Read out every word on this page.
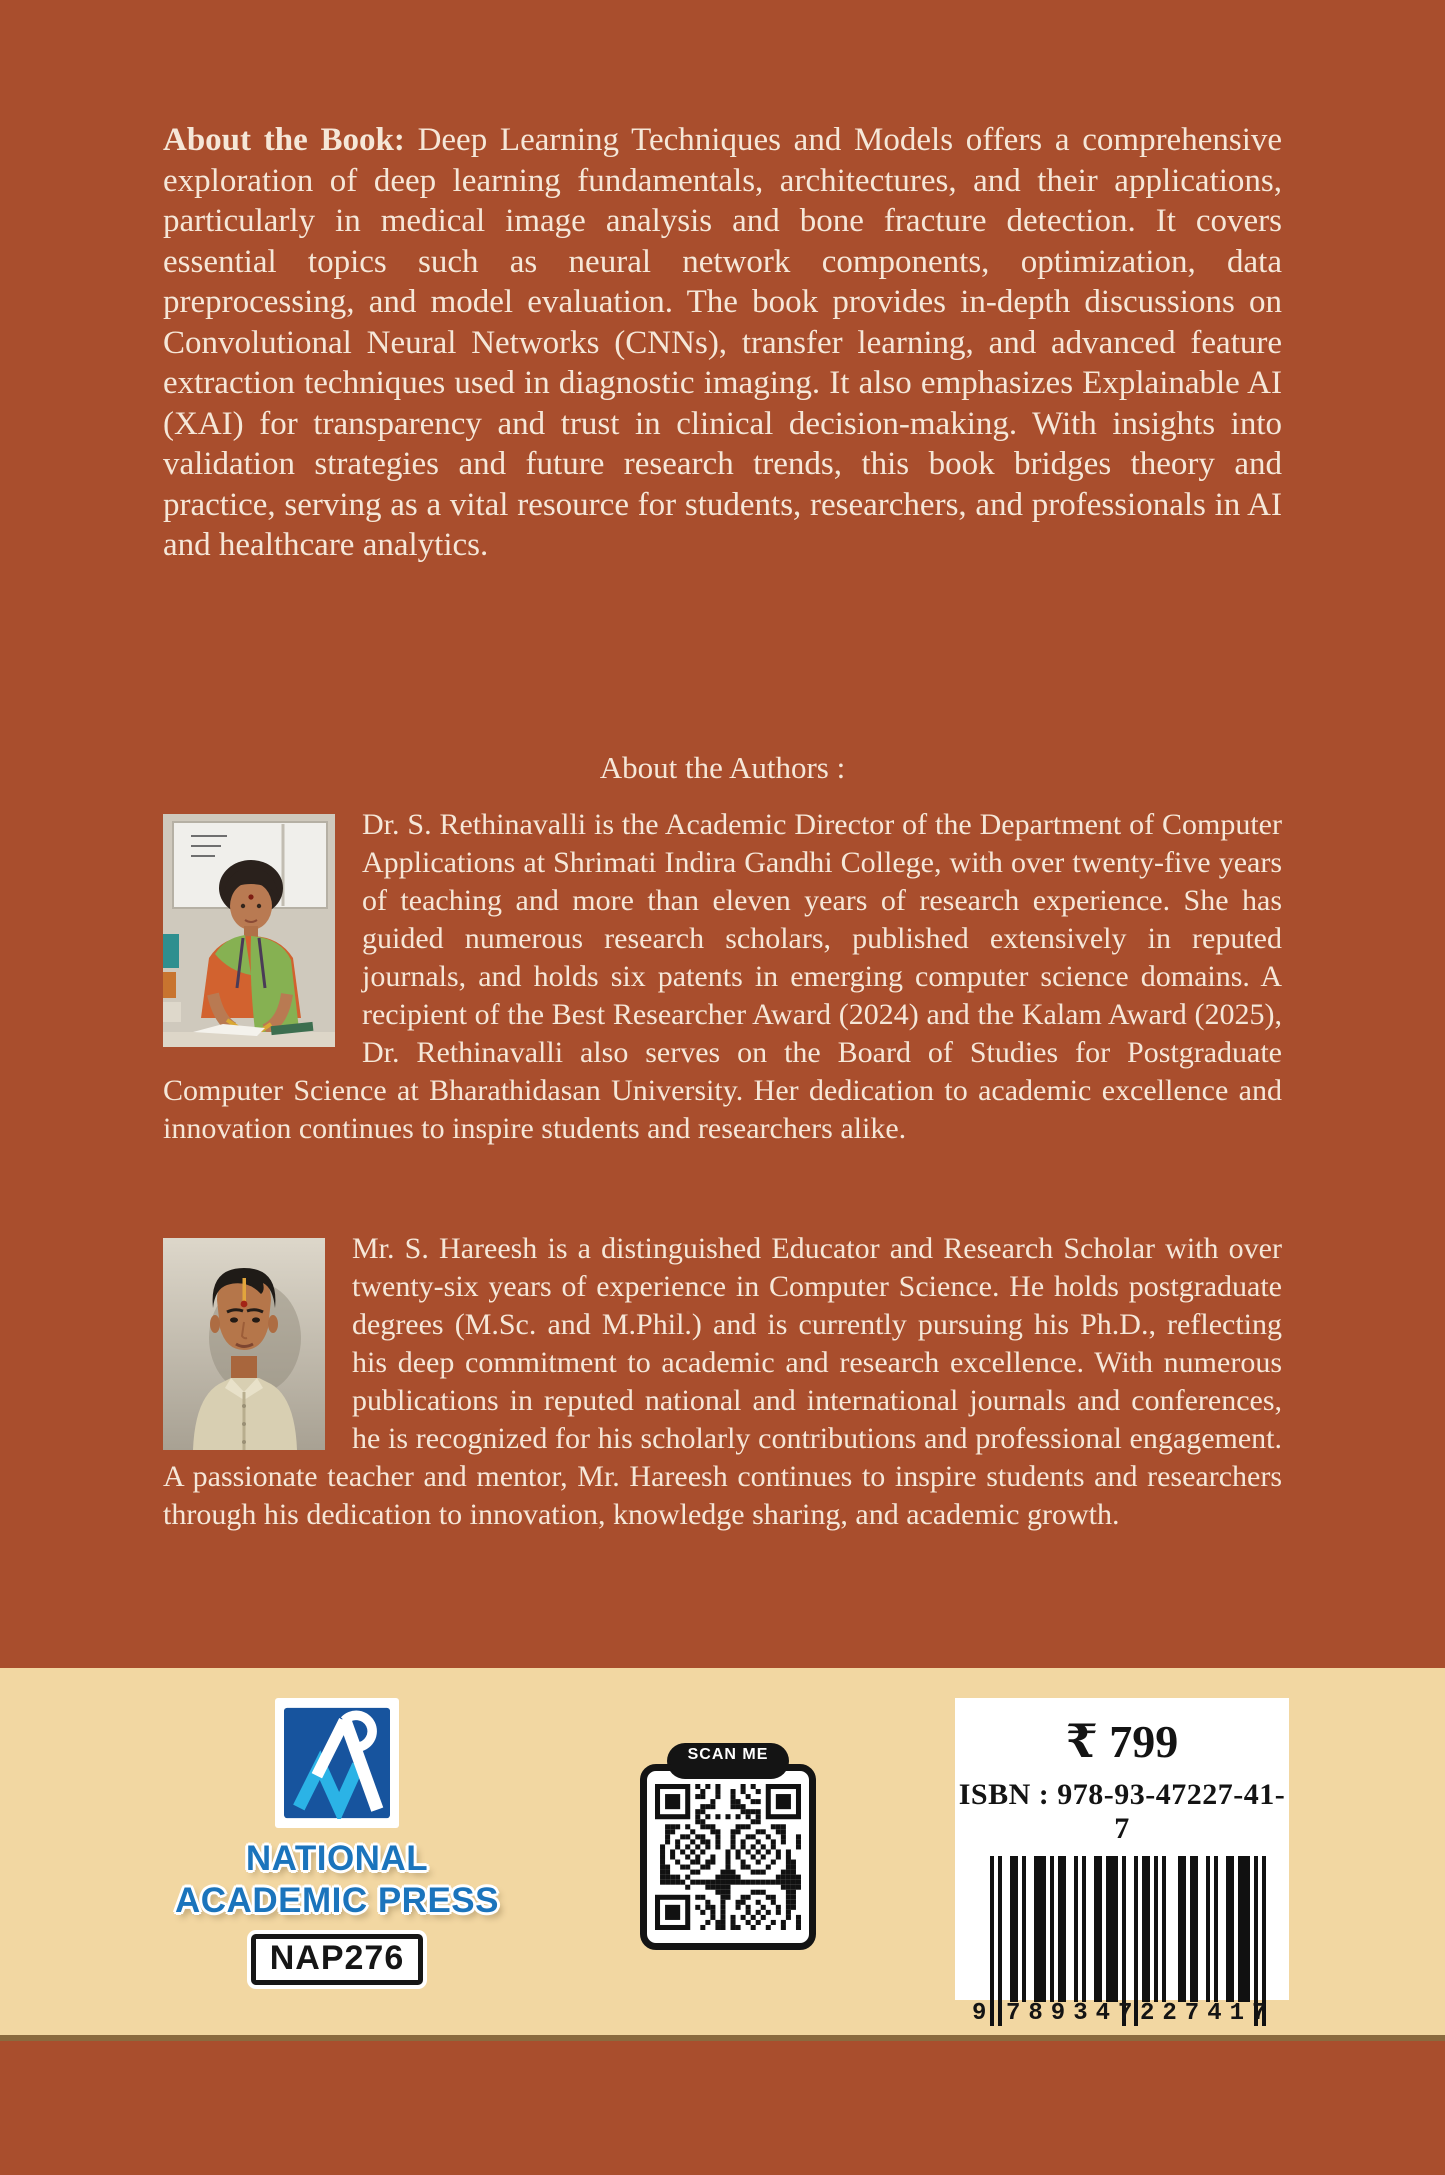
About the Book: Deep Learning Techniques and Models offers a comprehensive exploration of deep learning fundamentals, architectures, and their applications, particularly in medical image analysis and bone fracture detection. It covers essential topics such as neural network components, optimization, data preprocessing, and model evaluation. The book provides in-depth discussions on Convolutional Neural Networks (CNNs), transfer learning, and advanced feature extraction techniques used in diagnostic imaging. It also emphasizes Explainable AI (XAI) for transparency and trust in clinical decision-making. With insights into validation strategies and future research trends, this book bridges theory and practice, serving as a vital resource for students, researchers, and professionals in AI and healthcare analytics.

About the Authors :

Dr. S. Rethinavalli is the Academic Director of the Department of Computer Applications at Shrimati Indira Gandhi College, with over twenty-five years of teaching and more than eleven years of research experience. She has guided numerous research scholars, published extensively in reputed journals, and holds six patents in emerging computer science domains. A recipient of the Best Researcher Award (2024) and the Kalam Award (2025), Dr. Rethinavalli also serves on the Board of Studies for Postgraduate Computer Science at Bharathidasan University. Her dedication to academic excellence and innovation continues to inspire students and researchers alike.

Mr. S. Hareesh is a distinguished Educator and Research Scholar with over twenty-six years of experience in Computer Science. He holds postgraduate degrees (M.Sc. and M.Phil.) and is currently pursuing his Ph.D., reflecting his deep commitment to academic and research excellence. With numerous publications in reputed national and international journals and conferences, he is recognized for his scholarly contributions and professional engagement. A passionate teacher and mentor, Mr. Hareesh continues to inspire students and researchers through his dedication to innovation, knowledge sharing, and academic growth.

NATIONAL
ACADEMIC PRESS
NAP276
SCAN ME	₹ 799
ISBN : 978-93-47227-41-7
9 789347 227417
